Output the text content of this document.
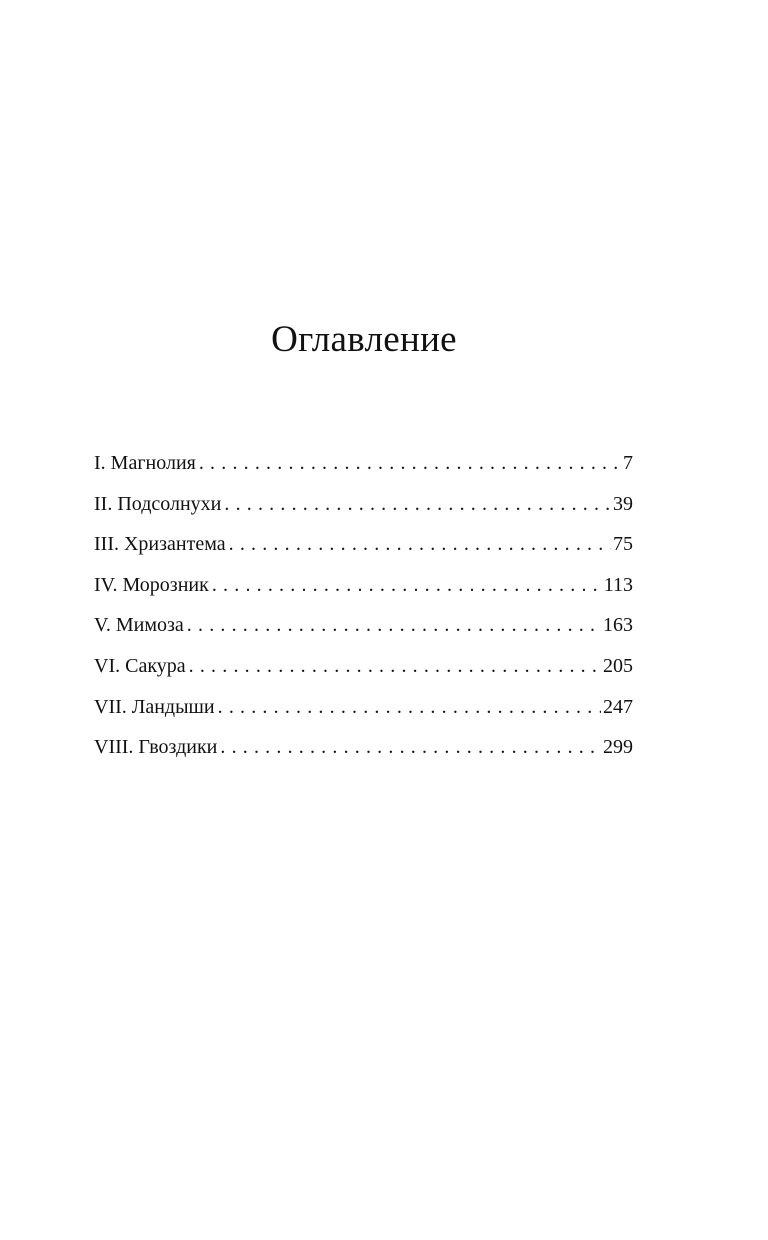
Оглавление
I. Магнолия . . .	7
II. Подсолнухи . . .	39
III. Хризантема . . .	75
IV. Морозник . . .	113
V. Мимоза . . .	163
VI. Сакура . . .	205
VII. Ландыши . . .	247
VIII. Гвоздики . . .	299
